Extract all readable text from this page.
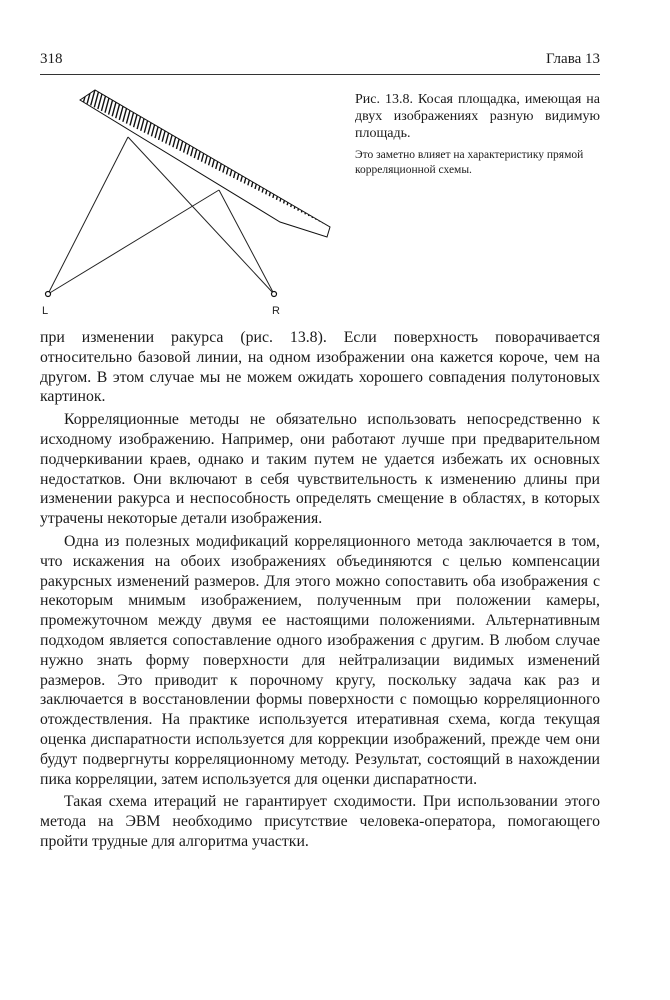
318	Глава 13
L	R
Рис. 13.8. Косая площадка, имеющая на двух изображениях разную видимую площадь.
Это заметно влияет на характеристику прямой корреляционной схемы.

при изменении ракурса (рис. 13.8). Если поверхность поворачивается относительно базовой линии, на одном изображении она кажется короче, чем на другом. В этом случае мы не можем ожидать хорошего совпадения полутоновых картинок.

Корреляционные методы не обязательно использовать непосредственно к исходному изображению. Например, они работают лучше при предварительном подчеркивании краев, однако и таким путем не удается избежать их основных недостатков. Они включают в себя чувствительность к изменению длины при изменении ракурса и неспособность определять смещение в областях, в которых утрачены некоторые детали изображения.

Одна из полезных модификаций корреляционного метода заключается в том, что искажения на обоих изображениях объединяются с целью компенсации ракурсных изменений размеров. Для этого можно сопоставить оба изображения с некоторым мнимым изображением, полученным при положении камеры, промежуточном между двумя ее настоящими положениями. Альтернативным подходом является сопоставление одного изображения с другим. В любом случае нужно знать форму поверхности для нейтрализации видимых изменений размеров. Это приводит к порочному кругу, поскольку задача как раз и заключается в восстановлении формы поверхности с помощью корреляционного отождествления. На практике используется итеративная схема, когда текущая оценка диспаратности используется для коррекции изображений, прежде чем они будут подвергнуты корреляционному методу. Результат, состоящий в нахождении пика корреляции, затем используется для оценки диспаратности.

Такая схема итераций не гарантирует сходимости. При использовании этого метода на ЭВМ необходимо присутствие человека-оператора, помогающего пройти трудные для алгоритма участки.
